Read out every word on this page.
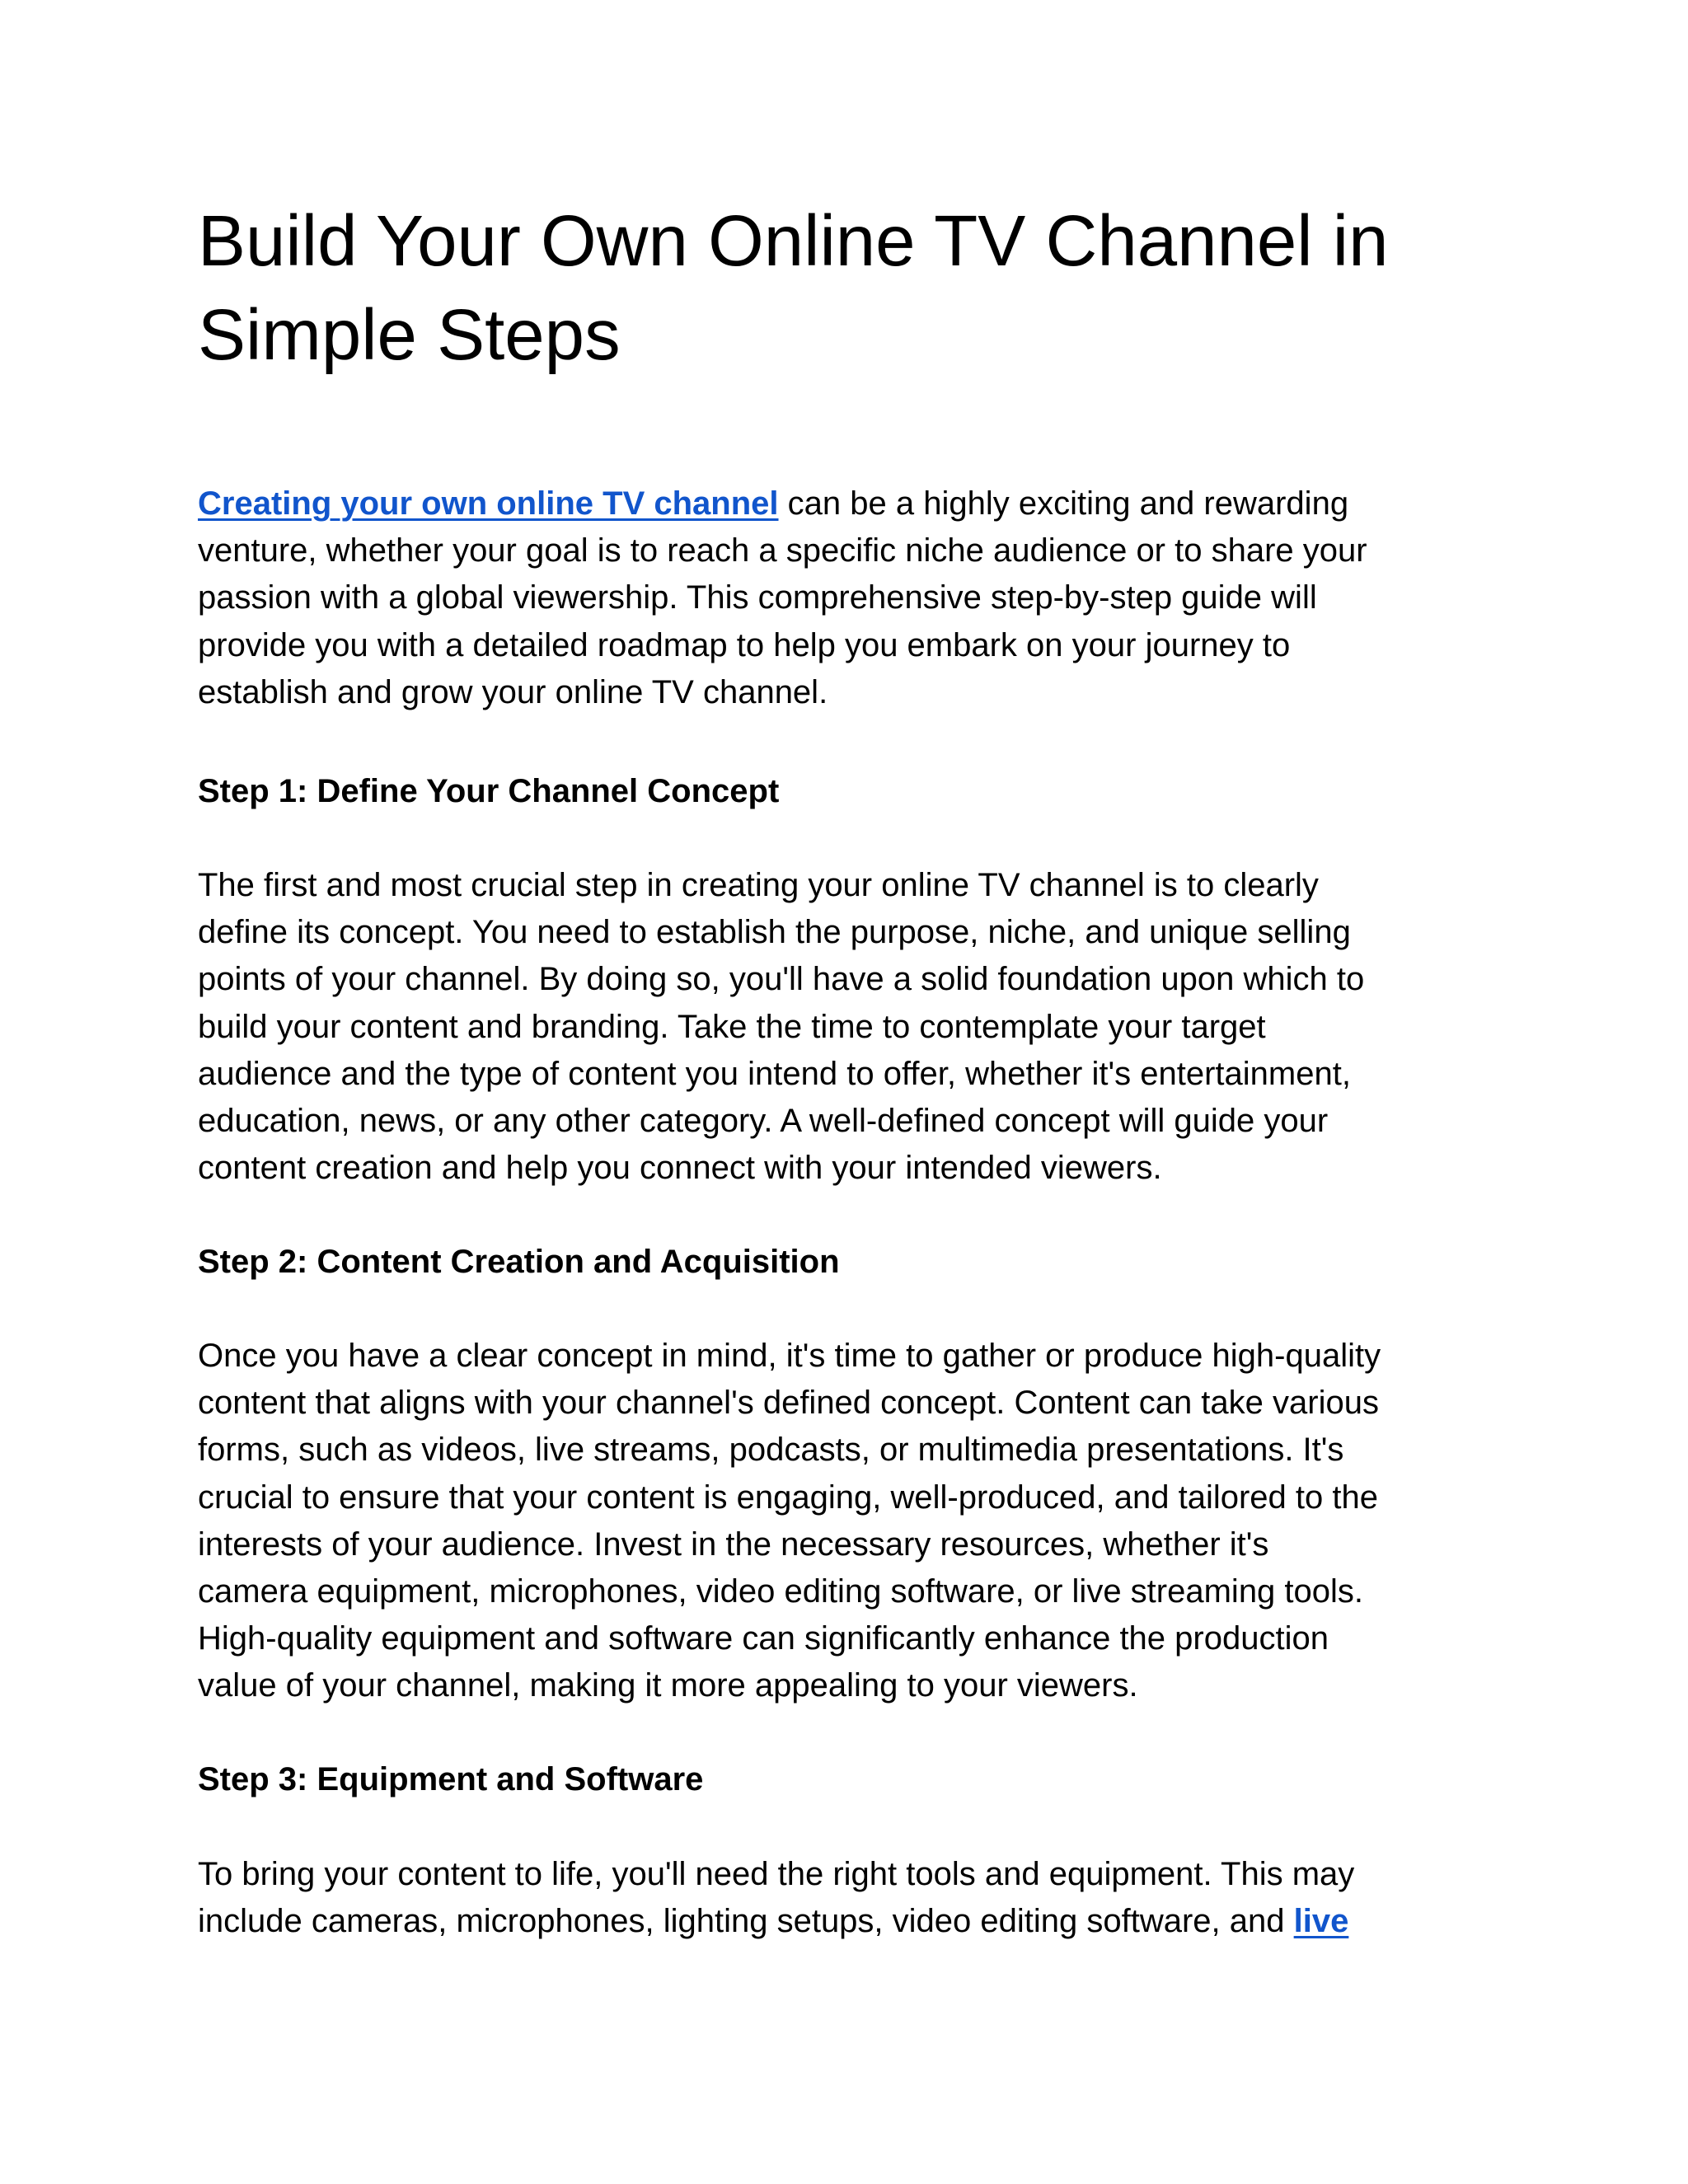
Build Your Own Online TV Channel in
Simple Steps

Creating your own online TV channel can be a highly exciting and rewarding
venture, whether your goal is to reach a specific niche audience or to share your
passion with a global viewership. This comprehensive step-by-step guide will
provide you with a detailed roadmap to help you embark on your journey to
establish and grow your online TV channel.

Step 1: Define Your Channel Concept

The first and most crucial step in creating your online TV channel is to clearly
define its concept. You need to establish the purpose, niche, and unique selling
points of your channel. By doing so, you'll have a solid foundation upon which to
build your content and branding. Take the time to contemplate your target
audience and the type of content you intend to offer, whether it's entertainment,
education, news, or any other category. A well-defined concept will guide your
content creation and help you connect with your intended viewers.

Step 2: Content Creation and Acquisition

Once you have a clear concept in mind, it's time to gather or produce high-quality
content that aligns with your channel's defined concept. Content can take various
forms, such as videos, live streams, podcasts, or multimedia presentations. It's
crucial to ensure that your content is engaging, well-produced, and tailored to the
interests of your audience. Invest in the necessary resources, whether it's
camera equipment, microphones, video editing software, or live streaming tools.
High-quality equipment and software can significantly enhance the production
value of your channel, making it more appealing to your viewers.

Step 3: Equipment and Software

To bring your content to life, you'll need the right tools and equipment. This may
include cameras, microphones, lighting setups, video editing software, and live
